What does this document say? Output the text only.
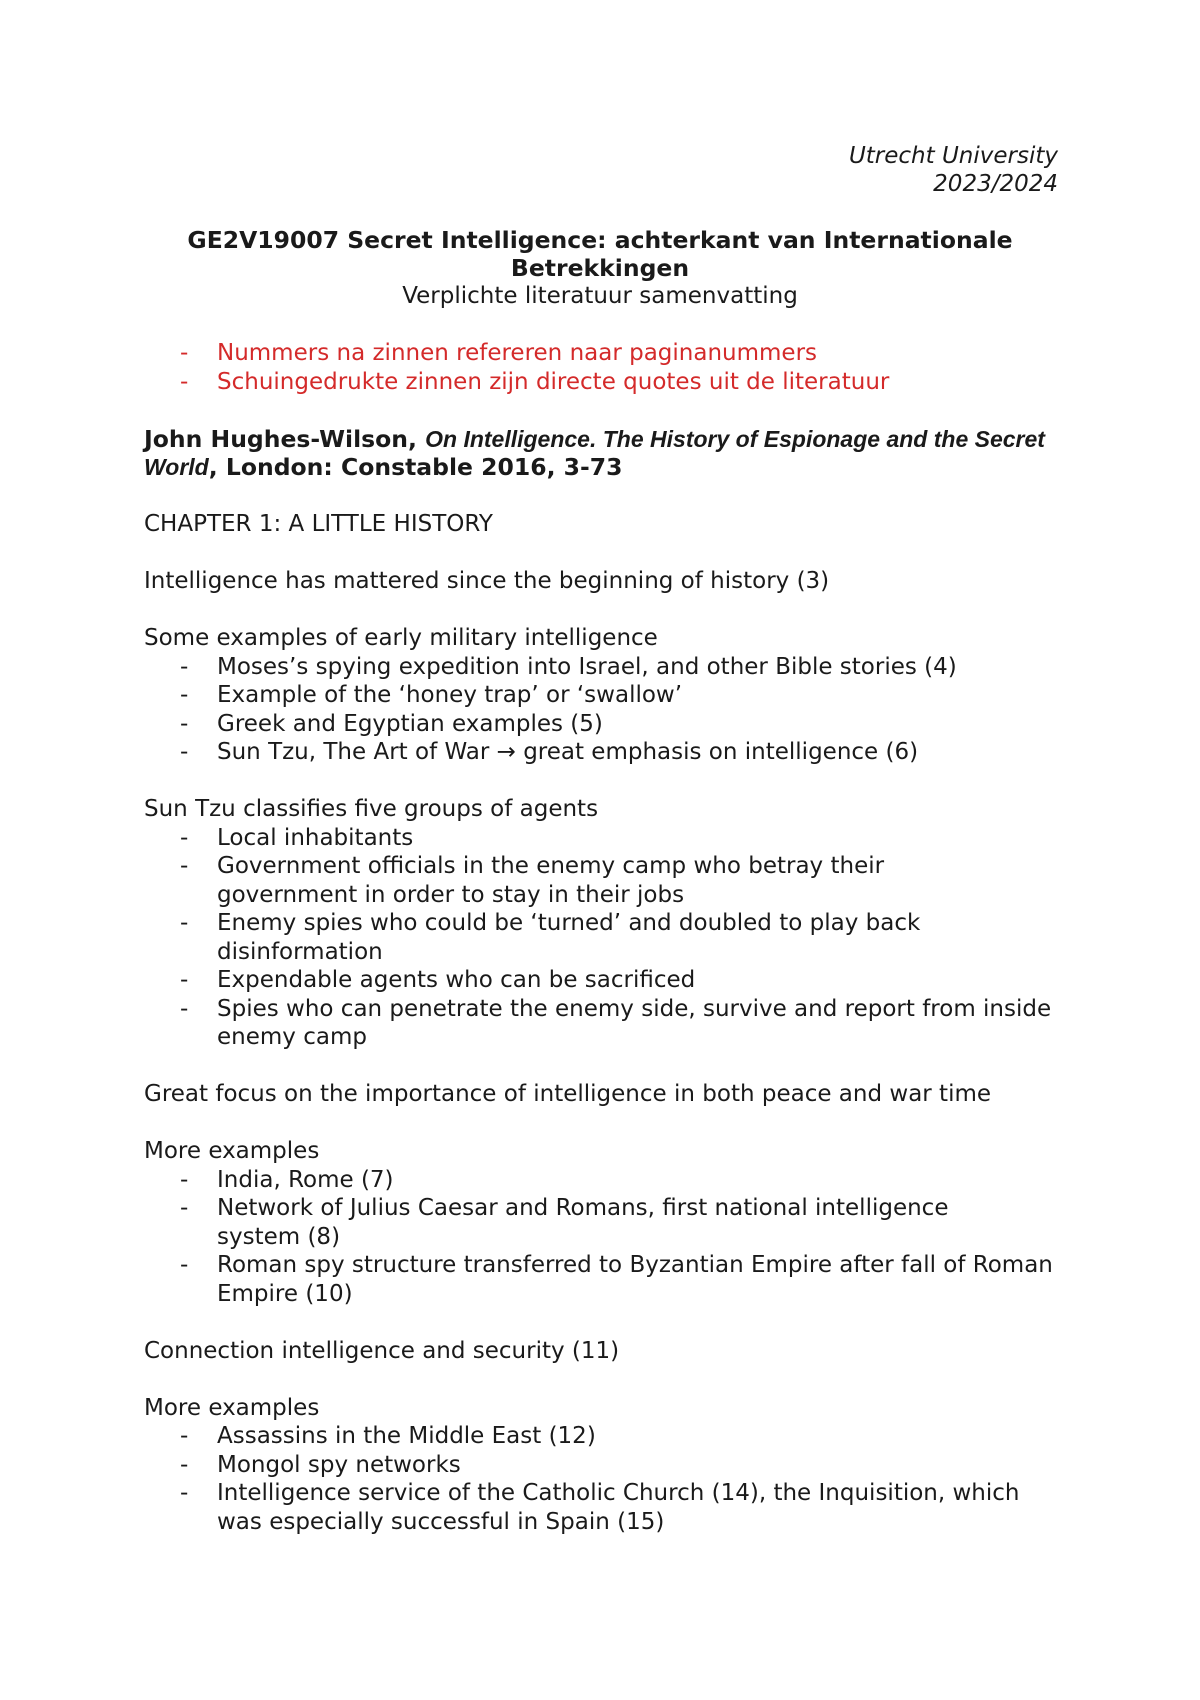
Utrecht University
2023/2024

GE2V19007 Secret Intelligence: achterkant van Internationale Betrekkingen

Verplichte literatuur samenvatting

- Nummers na zinnen refereren naar paginanummers
- Schuingedrukte zinnen zijn directe quotes uit de literatuur

John Hughes-Wilson, On Intelligence. The History of Espionage and the Secret World, London: Constable 2016, 3-73

CHAPTER 1: A LITTLE HISTORY

Intelligence has mattered since the beginning of history (3)

Some examples of early military intelligence

- Moses’s spying expedition into Israel, and other Bible stories (4)
- Example of the ‘honey trap’ or ‘swallow’
- Greek and Egyptian examples (5)
- Sun Tzu, The Art of War → great emphasis on intelligence (6)

Sun Tzu classifies five groups of agents

- Local inhabitants
- Government officials in the enemy camp who betray their government in order to stay in their jobs
- Enemy spies who could be ‘turned’ and doubled to play back disinformation
- Expendable agents who can be sacrificed
- Spies who can penetrate the enemy side, survive and report from inside enemy camp

Great focus on the importance of intelligence in both peace and war time

More examples

- India, Rome (7)
- Network of Julius Caesar and Romans, first national intelligence system (8)
- Roman spy structure transferred to Byzantian Empire after fall of Roman Empire (10)

Connection intelligence and security (11)

More examples

- Assassins in the Middle East (12)
- Mongol spy networks
- Intelligence service of the Catholic Church (14), the Inquisition, which was especially successful in Spain (15)
